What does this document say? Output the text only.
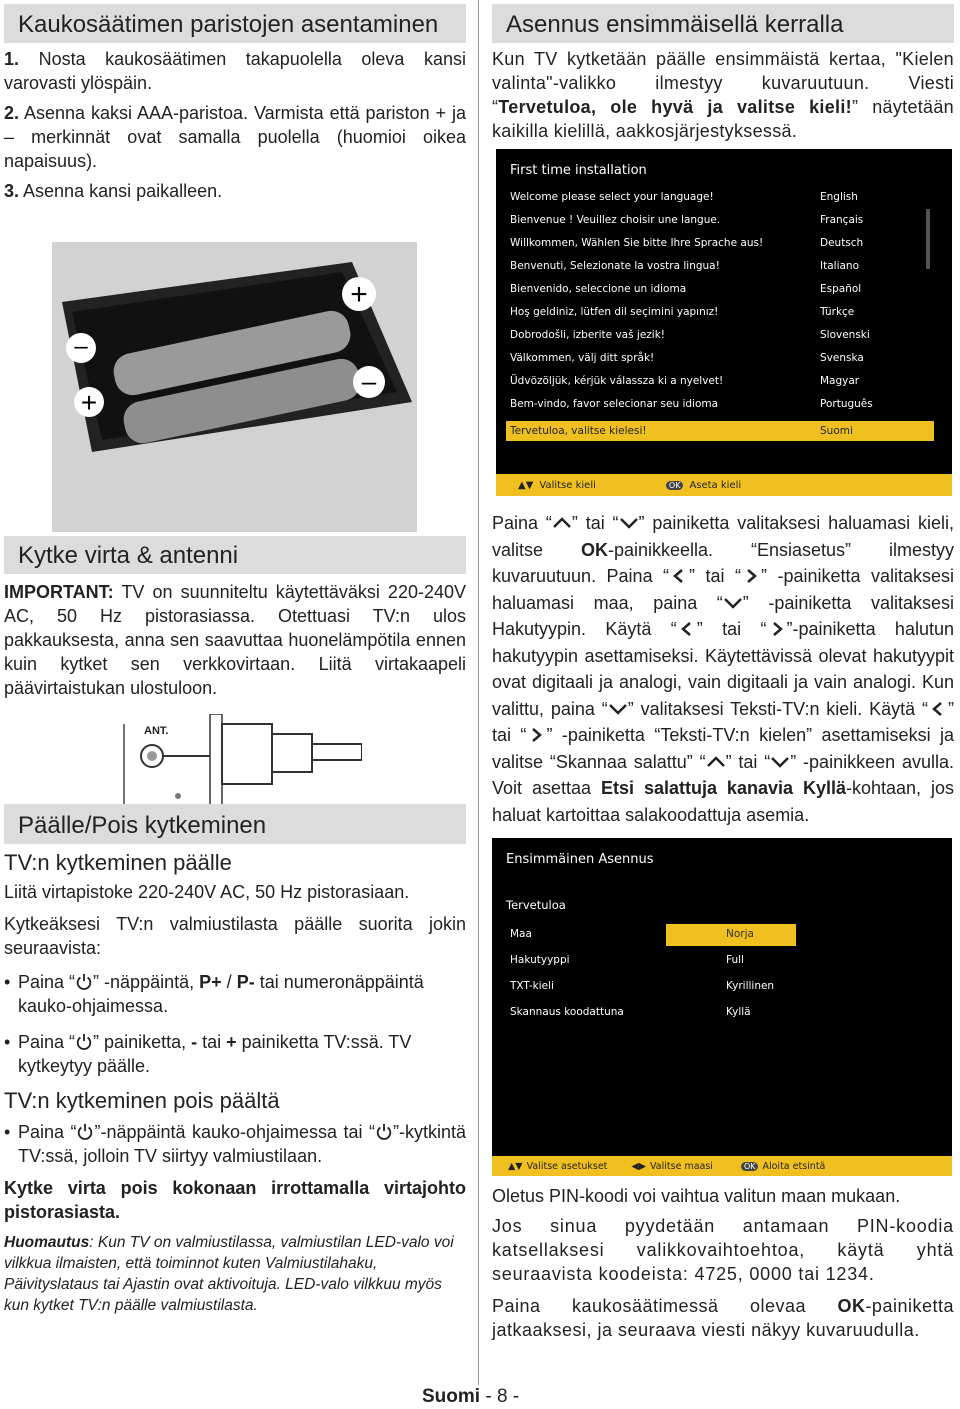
Kaukosäätimen paristojen asentaminen

1. Nosta kaukosäätimen takapuolella oleva kansi varovasti ylöspäin.

2. Asenna kaksi AAA-paristoa. Varmista että pariston + ja – merkinnät ovat samalla puolella (huomioi oikea napaisuus).

3. Asenna kansi paikalleen.

–
+
+
–
Kytke virta & antenni

IMPORTANT: TV on suunniteltu käytettäväksi 220-240V AC, 50 Hz pistorasiassa. Otettuasi TV:n ulos pakkauksesta, anna sen saavuttaa huonelämpötila ennen kuin kytket sen verkkovirtaan. Liitä virtakaapeli päävirtaistukan ulostuloon.

ANT.
Päälle/Pois kytkeminen
TV:n kytkeminen päälle

Liitä virtapistoke 220-240V AC, 50 Hz pistorasiaan.

Kytkeäksesi TV:n valmiustilasta päälle suorita jokin seuraavista:

• Paina “ ” -näppäintä, P+ / P- tai numeronäppäintä kauko-ohjaimessa.
• Paina “ ” painiketta, - tai + painiketta TV:ssä. TV kytkeytyy päälle.
TV:n kytkeminen pois päältä
• Paina “ ”-näppäintä kauko-ohjaimessa tai “ ”-kytkintä TV:ssä, jolloin TV siirtyy valmiustilaan.

Kytke virta pois kokonaan irrottamalla virtajohto pistorasiasta.

Huomautus: Kun TV on valmiustilassa, valmiustilan LED-valo voi vilkkua ilmaisten, että toiminnot kuten Valmiustilahaku, Päivityslataus tai Ajastin ovat aktivoituja. LED-valo vilkkuu myös kun kytket TV:n päälle valmiustilasta.

Asennus ensimmäisellä kerralla

Kun TV kytketään päälle ensimmäistä kertaa, "Kielen valinta"-valikko ilmestyy kuvaruutuun. Viesti “Tervetuloa, ole hyvä ja valitse kieli!” näytetään kaikilla kielillä, aakkosjärjestyksessä.

First time installation
Welcome please select your language!	English
Bienvenue ! Veuillez choisir une langue.	Français
Willkommen, Wählen Sie bitte Ihre Sprache aus!	Deutsch
Benvenuti, Selezionate la vostra lingua!	Italiano
Bienvenido, seleccione un idioma	Español
Hoş geldiniz, lütfen dil seçimini yapınız!	Türkçe
Dobrodošli, izberite vaš jezik!	Slovenski
Välkommen, välj ditt språk!	Svenska
Üdvözöljük, kérjük válassza ki a nyelvet!	Magyar
Bem-vindo, favor selecionar seu idioma	Português
Tervetuloa, valitse kielesi!	Suomi
▲▼ Valitse kieli	OK Aseta kieli

Paina “ ” tai “ ” painiketta valitaksesi haluamasi kieli, valitse OK-painikkeella. “Ensiasetus” ilmestyy kuvaruutuun. Paina “ ” tai “ ” -painiketta valitaksesi haluamasi maa, paina “ ” -painiketta valitaksesi Hakutyypin. Käytä “ ” tai “ ”-painiketta halutun hakutyypin asettamiseksi. Käytettävissä olevat hakutyypit ovat digitaali ja analogi, vain digitaali ja vain analogi. Kun valittu, paina “ ” valitaksesi Teksti-TV:n kieli. Käytä “ ” tai “ ” -painiketta “Teksti-TV:n kielen” asettamiseksi ja valitse “Skannaa salattu” “ ” tai “ ” -painikkeen avulla. Voit asettaa Etsi salattuja kanavia Kyllä-kohtaan, jos haluat kartoittaa salakoodattuja asemia.

Ensimmäinen Asennus
Tervetuloa
Maa	Norja
Hakutyyppi	Full
TXT-kieli	Kyrillinen
Skannaus koodattuna	Kyllä
▲▼ Valitse asetukset	◀▶ Valitse maasi	OK Aloita etsintä

Oletus PIN-koodi voi vaihtua valitun maan mukaan.

Jos sinua pyydetään antamaan PIN-koodia katsellaksesi valikkovaihtoehtoa, käytä yhtä seuraavista koodeista: 4725, 0000 tai 1234.

Paina kaukosäätimessä olevaa OK-painiketta jatkaaksesi, ja seuraava viesti näkyy kuvaruudulla.

Suomi - 8 -
